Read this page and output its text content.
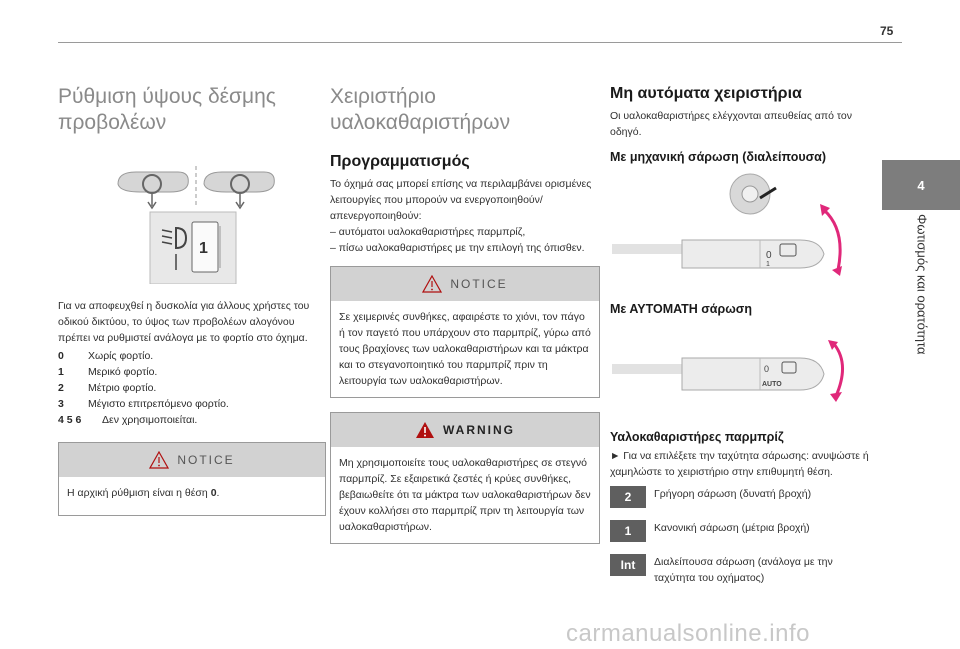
75
4
Φωτισμός και ορατότητα
Ρύθμιση ύψους δέσμης
προβολέων
1
Για να αποφευχθεί η δυσκολία για άλλους χρήστες του οδικού δικτύου, το ύψος των προβολέων αλογόνου πρέπει να ρυθμιστεί ανάλογα με το φορτίο στο όχημα.
0	Χωρίς φορτίο.
1	Μερικό φορτίο.
2	Μέτριο φορτίο.
3	Μέγιστο επιτρεπόμενο φορτίο.
4 5 6	Δεν χρησιμοποιείται.
NOTICE
Η αρχική ρύθμιση είναι η θέση 0.
Χειριστήριο
υαλοκαθαριστήρων
Προγραμματισμός
Το όχημά σας μπορεί επίσης να περιλαμβάνει ορισμένες λειτουργίες που μπορούν να ενεργοποιηθούν/ απενεργοποιηθούν:
– αυτόματοι υαλοκαθαριστήρες παρμπρίζ,
– πίσω υαλοκαθαριστήρες με την επιλογή της όπισθεν.
NOTICE
Σε χειμερινές συνθήκες, αφαιρέστε το χιόνι, τον πάγο ή τον παγετό που υπάρχουν στο παρμπρίζ, γύρω από τους βραχίονες των υαλοκαθαριστήρων και τα μάκτρα και το στεγανοποιητικό του παρμπρίζ πριν τη λειτουργία των υαλοκαθαριστήρων.
WARNING
Μη χρησιμοποιείτε τους υαλοκαθαριστήρες σε στεγνό παρμπρίζ. Σε εξαιρετικά ζεστές ή κρύες συνθήκες, βεβαιωθείτε ότι τα μάκτρα των υαλοκαθαριστήρων δεν έχουν κολλήσει στο παρμπρίζ πριν τη λειτουργία των υαλοκαθαριστήρων.
Μη αυτόματα χειριστήρια
Οι υαλοκαθαριστήρες ελέγχονται απευθείας από τον οδηγό.
Με μηχανική σάρωση (διαλείπουσα)
0
1
Με ΑΥΤΟΜΑΤΗ σάρωση
0
AUTO
Υαλοκαθαριστήρες παρμπρίζ
► Για να επιλέξετε την ταχύτητα σάρωσης: ανυψώστε ή χαμηλώστε το χειριστήριο στην επιθυμητή θέση.
2	Γρήγορη σάρωση (δυνατή βροχή)
1	Κανονική σάρωση (μέτρια βροχή)
Int	Διαλείπουσα σάρωση (ανάλογα με την ταχύτητα του οχήματος)
carmanualsonline.info
